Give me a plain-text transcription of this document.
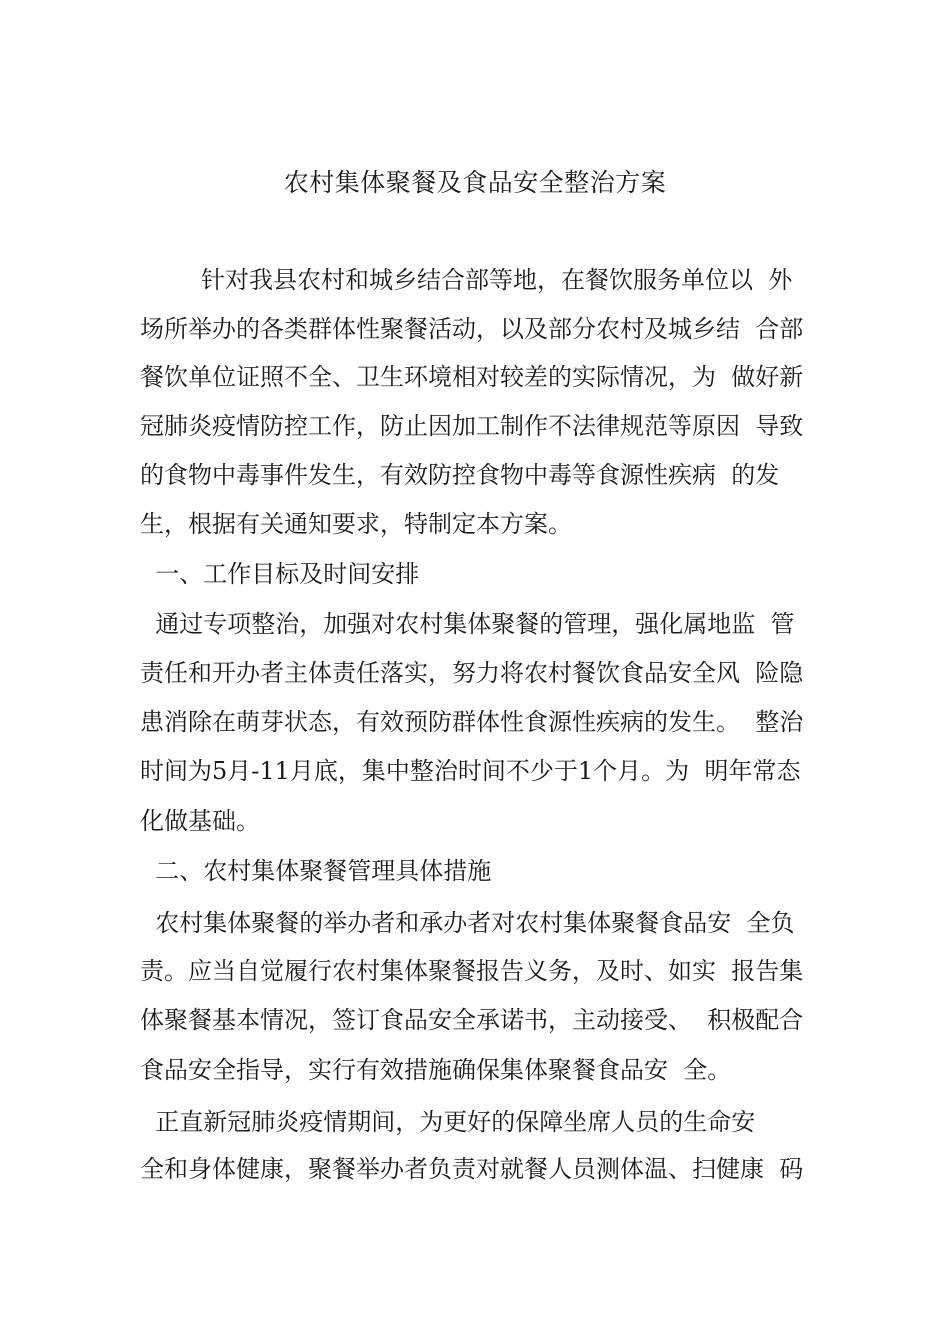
农村集体聚餐及食品安全整治方案
针对我县农村和城乡结合部等地，在餐饮服务单位以  外
场所举办的各类群体性聚餐活动，以及部分农村及城乡结  合部
餐饮单位证照不全、卫生环境相对较差的实际情况，为  做好新
冠肺炎疫情防控工作，防止因加工制作不法律规范等原因  导致
的食物中毒事件发生，有效防控食物中毒等食源性疾病  的发
生，根据有关通知要求，特制定本方案。
一、工作目标及时间安排
通过专项整治，加强对农村集体聚餐的管理，强化属地监  管
责任和开办者主体责任落实，努力将农村餐饮食品安全风  险隐
患消除在萌芽状态，有效预防群体性食源性疾病的发生。  整治
时间为5月-11月底，集中整治时间不少于1个月。为  明年常态
化做基础。
二、农村集体聚餐管理具体措施
农村集体聚餐的举办者和承办者对农村集体聚餐食品安  全负
责。应当自觉履行农村集体聚餐报告义务，及时、如实  报告集
体聚餐基本情况，签订食品安全承诺书，主动接受、  积极配合
食品安全指导，实行有效措施确保集体聚餐食品安  全。
正直新冠肺炎疫情期间，为更好的保障坐席人员的生命安
全和身体健康，聚餐举办者负责对就餐人员测体温、扫健康  码
